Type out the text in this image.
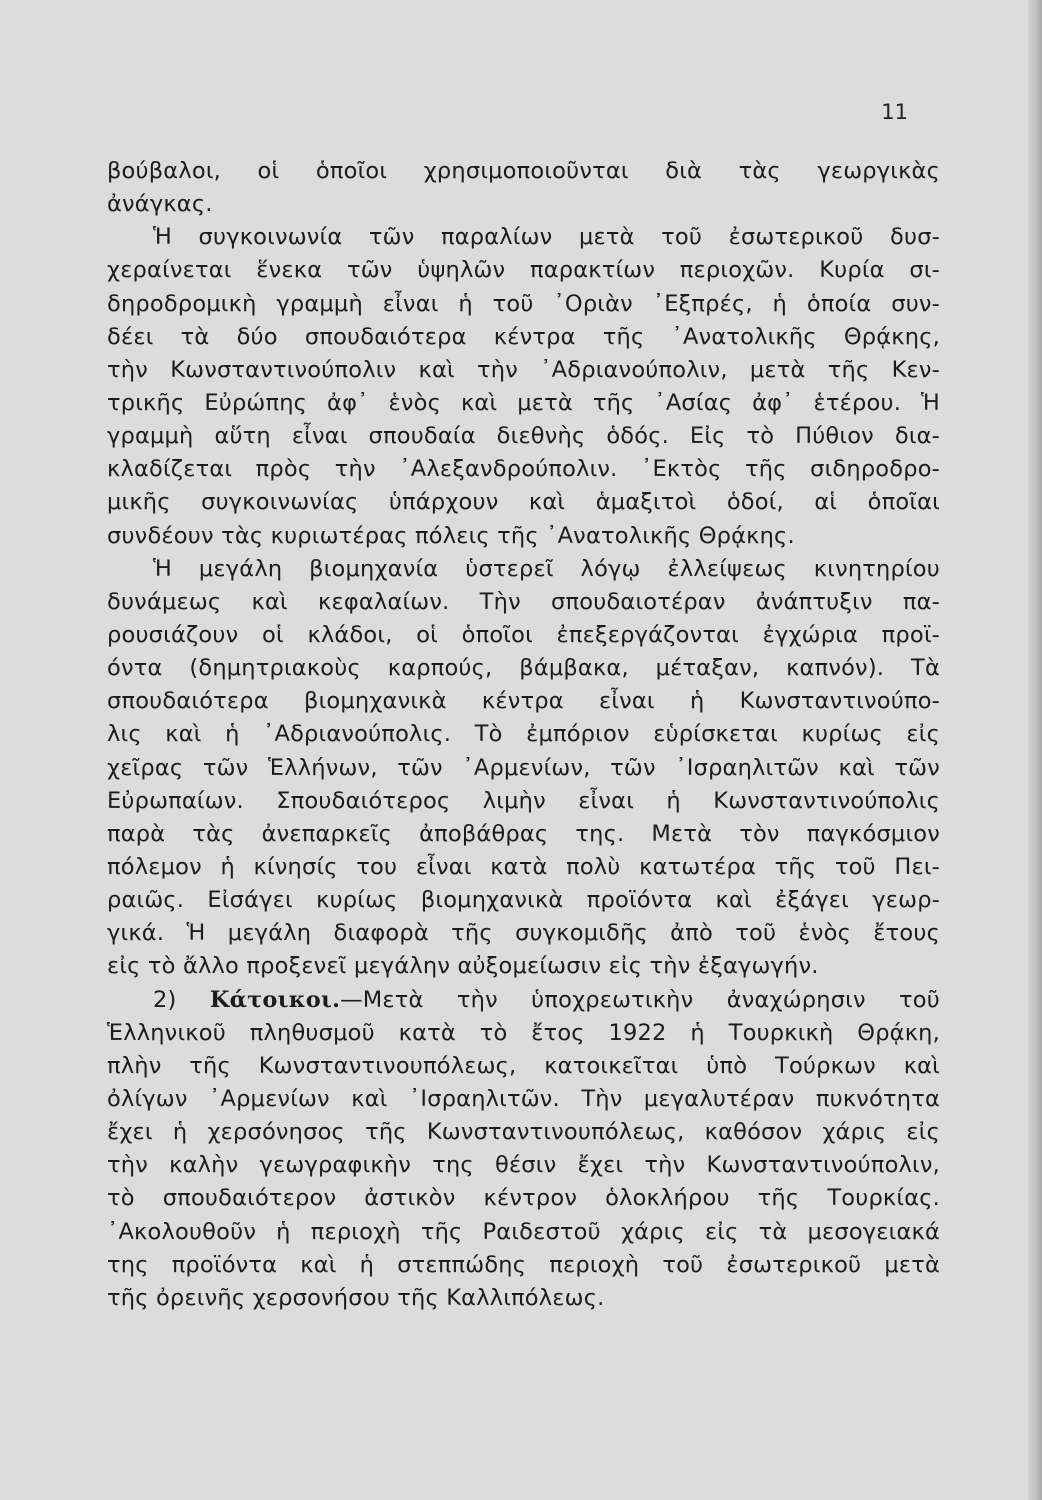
11
βούβαλοι, οἱ ὁποῖοι χρησιμοποιοῦνται διὰ τὰς γεωργικὰς
ἀνάγκας.
Ἡ συγκοινωνία τῶν παραλίων μετὰ τοῦ ἐσωτερικοῦ δυσ-
χεραίνεται ἕνεκα τῶν ὑψηλῶν παρακτίων περιοχῶν. Κυρία σι-
δηροδρομικὴ γραμμὴ εἶναι ἡ τοῦ ᾿Οριὰν ᾿Εξπρές, ἡ ὁποία συν-
δέει τὰ δύο σπουδαιότερα κέντρα τῆς ᾿Ανατολικῆς Θρᾴκης,
τὴν Κωνσταντινούπολιν καὶ τὴν ᾿Αδριανούπολιν, μετὰ τῆς Κεν-
τρικῆς Εὐρώπης ἀφ᾿ ἑνὸς καὶ μετὰ τῆς ᾿Ασίας ἀφ᾿ ἑτέρου. Ἡ
γραμμὴ αὕτη εἶναι σπουδαία διεθνὴς ὁδός. Εἰς τὸ Πύθιον δια-
κλαδίζεται πρὸς τὴν ᾿Αλεξανδρούπολιν. ᾿Εκτὸς τῆς σιδηροδρο-
μικῆς συγκοινωνίας ὑπάρχουν καὶ ἁμαξιτοὶ ὁδοί, αἱ ὁποῖαι
συνδέουν τὰς κυριωτέρας πόλεις τῆς ᾿Ανατολικῆς Θρᾴκης.
Ἡ μεγάλη βιομηχανία ὑστερεῖ λόγῳ ἐλλείψεως κινητηρίου
δυνάμεως καὶ κεφαλαίων. Τὴν σπουδαιοτέραν ἀνάπτυξιν πα-
ρουσιάζουν οἱ κλάδοι, οἱ ὁποῖοι ἐπεξεργάζονται ἐγχώρια προϊ-
όντα (δημητριακοὺς καρπούς, βάμβακα, μέταξαν, καπνόν). Τὰ
σπουδαιότερα βιομηχανικὰ κέντρα εἶναι ἡ Κωνσταντινούπο-
λις καὶ ἡ ᾿Αδριανούπολις. Τὸ ἐμπόριον εὑρίσκεται κυρίως εἰς
χεῖρας τῶν Ἑλλήνων, τῶν ᾿Αρμενίων, τῶν ᾿Ισραηλιτῶν καὶ τῶν
Εὐρωπαίων. Σπουδαιότερος λιμὴν εἶναι ἡ Κωνσταντινούπολις
παρὰ τὰς ἀνεπαρκεῖς ἀποβάθρας της. Μετὰ τὸν παγκόσμιον
πόλεμον ἡ κίνησίς του εἶναι κατὰ πολὺ κατωτέρα τῆς τοῦ Πει-
ραιῶς. Εἰσάγει κυρίως βιομηχανικὰ προϊόντα καὶ ἐξάγει γεωρ-
γικά. Ἡ μεγάλη διαφορὰ τῆς συγκομιδῆς ἀπὸ τοῦ ἑνὸς ἔτους
εἰς τὸ ἄλλο προξενεῖ μεγάλην αὐξομείωσιν εἰς τὴν ἐξαγωγήν.
2) Κάτοικοι.—Μετὰ τὴν ὑποχρεωτικὴν ἀναχώρησιν τοῦ
Ἑλληνικοῦ πληθυσμοῦ κατὰ τὸ ἔτος 1922 ἡ Τουρκικὴ Θρᾴκη,
πλὴν τῆς Κωνσταντινουπόλεως, κατοικεῖται ὑπὸ Τούρκων καὶ
ὀλίγων ᾿Αρμενίων καὶ ᾿Ισραηλιτῶν. Τὴν μεγαλυτέραν πυκνότητα
ἔχει ἡ χερσόνησος τῆς Κωνσταντινουπόλεως, καθόσον χάρις εἰς
τὴν καλὴν γεωγραφικὴν της θέσιν ἔχει τὴν Κωνσταντινούπολιν,
τὸ σπουδαιότερον ἀστικὸν κέντρον ὁλοκλήρου τῆς Τουρκίας.
᾿Ακολουθοῦν ἡ περιοχὴ τῆς Ραιδεστοῦ χάρις εἰς τὰ μεσογειακά
της προϊόντα καὶ ἡ στεππώδης περιοχὴ τοῦ ἐσωτερικοῦ μετὰ
τῆς ὀρεινῆς χερσονήσου τῆς Καλλιπόλεως.
